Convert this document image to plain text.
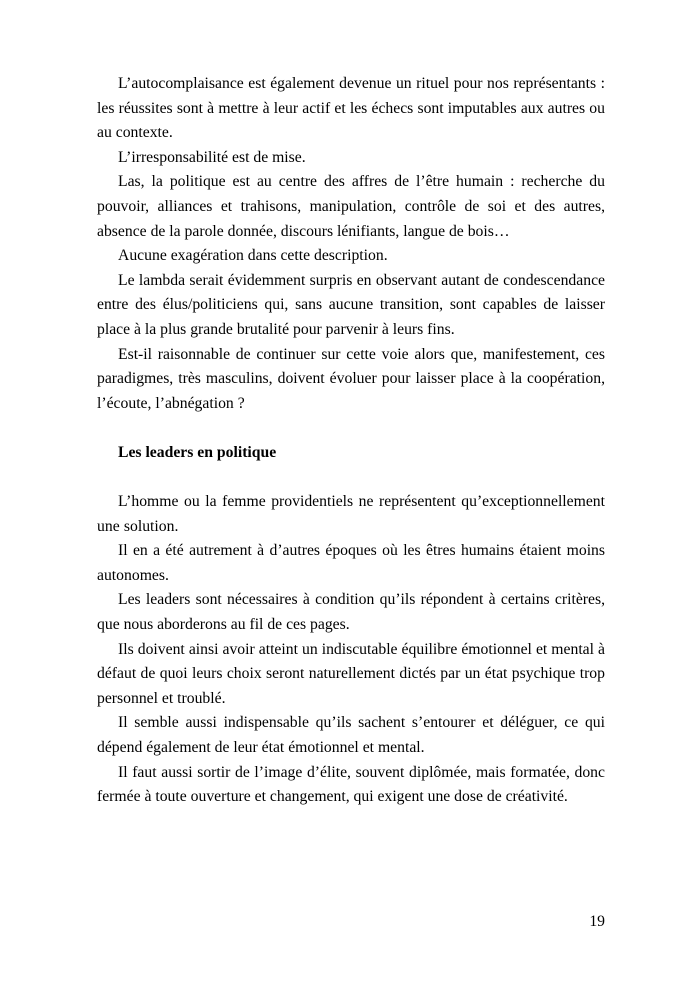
L’autocomplaisance est également devenue un rituel pour nos représentants : les réussites sont à mettre à leur actif et les échecs sont imputables aux autres ou au contexte.

L’irresponsabilité est de mise.

Las, la politique est au centre des affres de l’être humain : recherche du pouvoir, alliances et trahisons, manipulation, contrôle de soi et des autres, absence de la parole donnée, discours lénifiants, langue de bois…

Aucune exagération dans cette description.

Le lambda serait évidemment surpris en observant autant de condescendance entre des élus/politiciens qui, sans aucune transition, sont capables de laisser place à la plus grande brutalité pour parvenir à leurs fins.

Est-il raisonnable de continuer sur cette voie alors que, manifestement, ces paradigmes, très masculins, doivent évoluer pour laisser place à la coopération, l’écoute, l’abnégation ?

Les leaders en politique

L’homme ou la femme providentiels ne représentent qu’exceptionnellement une solution.

Il en a été autrement à d’autres époques où les êtres humains étaient moins autonomes.

Les leaders sont nécessaires à condition qu’ils répondent à certains critères, que nous aborderons au fil de ces pages.

Ils doivent ainsi avoir atteint un indiscutable équilibre émotionnel et mental à défaut de quoi leurs choix seront naturellement dictés par un état psychique trop personnel et troublé.

Il semble aussi indispensable qu’ils sachent s’entourer et déléguer, ce qui dépend également de leur état émotionnel et mental.

Il faut aussi sortir de l’image d’élite, souvent diplômée, mais formatée, donc fermée à toute ouverture et changement, qui exigent une dose de créativité.

19
